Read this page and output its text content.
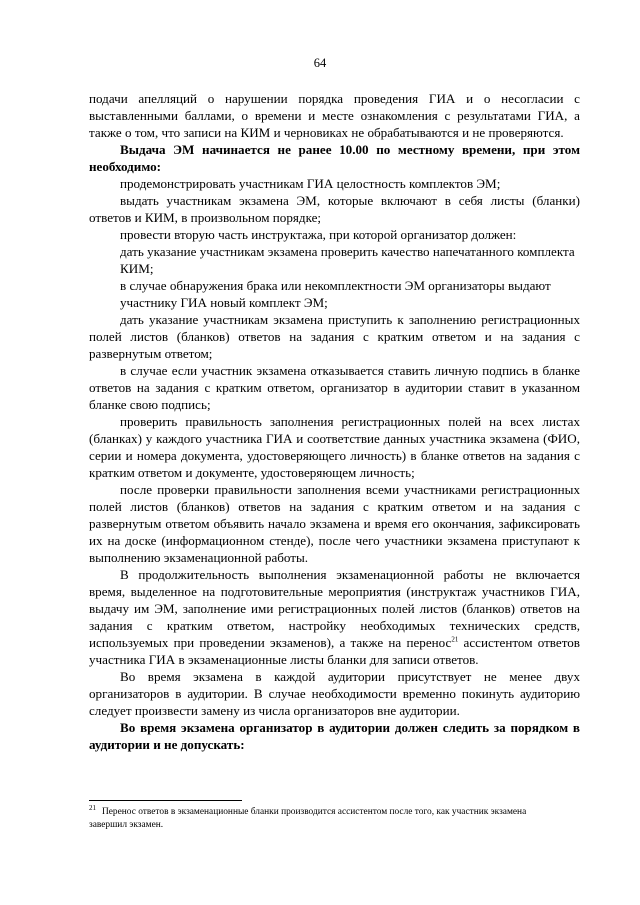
64

подачи апелляций о нарушении порядка проведения ГИА и о несогласии с выставленными баллами, о времени и месте ознакомления с результатами ГИА, а также о том, что записи на КИМ и черновиках не обрабатываются и не проверяются.

Выдача ЭМ начинается не ранее 10.00 по местному времени, при этом необходимо:

продемонстрировать участникам ГИА целостность комплектов ЭМ;

выдать участникам экзамена ЭМ, которые включают в себя листы (бланки) ответов и КИМ, в произвольном порядке;

провести вторую часть инструктажа, при которой организатор должен:

дать указание участникам экзамена проверить качество напечатанного комплекта

КИМ;

в случае обнаружения брака или некомплектности ЭМ организаторы выдают

участнику ГИА новый комплект ЭМ;

дать указание участникам экзамена приступить к заполнению регистрационных полей листов (бланков) ответов на задания с кратким ответом и на задания с развернутым ответом;

в случае если участник экзамена отказывается ставить личную подпись в бланке ответов на задания с кратким ответом, организатор в аудитории ставит в указанном бланке свою подпись;

проверить правильность заполнения регистрационных полей на всех листах (бланках) у каждого участника ГИА и соответствие данных участника экзамена (ФИО, серии и номера документа, удостоверяющего личность) в бланке ответов на задания с кратким ответом и документе, удостоверяющем личность;

после проверки правильности заполнения всеми участниками регистрационных полей листов (бланков) ответов на задания с кратким ответом и на задания с развернутым ответом объявить начало экзамена и время его окончания, зафиксировать их на доске (информационном стенде), после чего участники экзамена приступают к выполнению экзаменационной работы.

В продолжительность выполнения экзаменационной работы не включается время, выделенное на подготовительные мероприятия (инструктаж участников ГИА, выдачу им ЭМ, заполнение ими регистрационных полей листов (бланков) ответов на задания с кратким ответом, настройку необходимых технических средств, используемых при проведении экзаменов), а также на перенос$^{21}$ ассистентом ответов участника ГИА в экзаменационные листы бланки для записи ответов.

Во время экзамена в каждой аудитории присутствует не менее двух организаторов в аудитории. В случае необходимости временно покинуть аудиторию следует произвести замену из числа организаторов вне аудитории.

Во время экзамена организатор в аудитории должен следить за порядком в аудитории и не допускать:

$^{21}$ Перенос ответов в экзаменационные бланки производится ассистентом после того, как участник экзамена

завершил экзамен.
